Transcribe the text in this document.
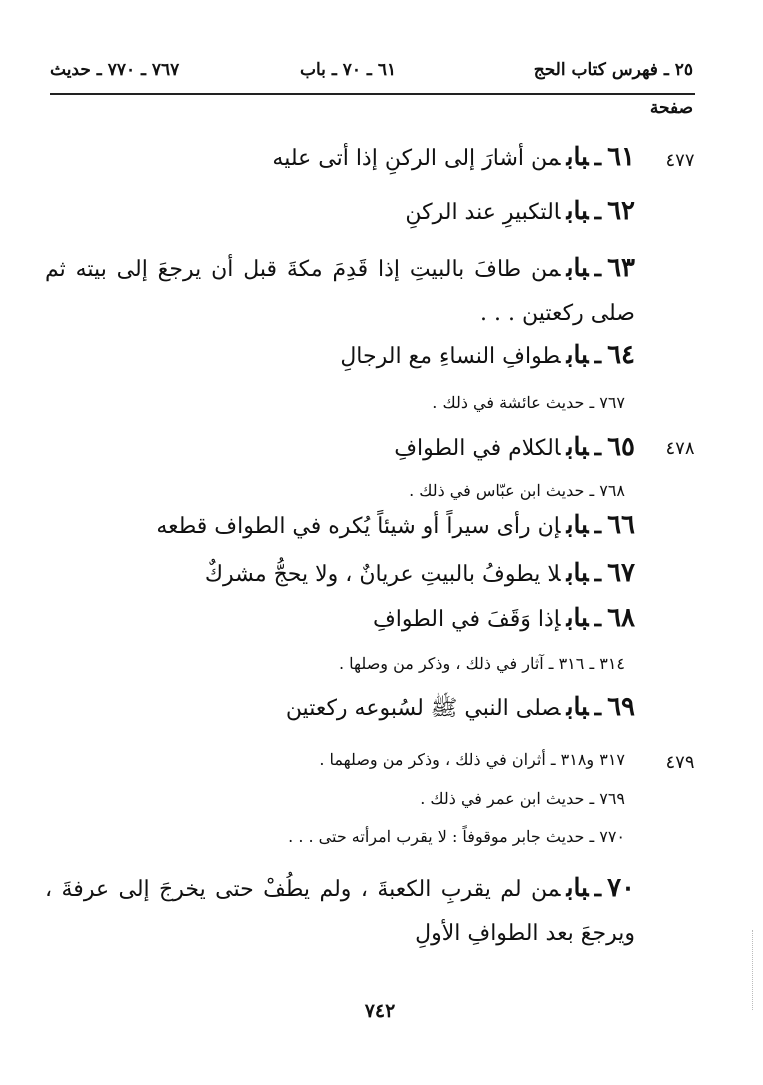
٢٥ ـ فهرس كتاب الحج
٦١ ـ ٧٠ ـ باب
٧٦٧ ـ ٧٧٠ ـ حديث
صفحة
٤٧٧
٤٧٨
٤٧٩
٦١ـبابمن أشارَ إلى الركنِ إذا أتى عليه
٦٢ـبابالتكبيرِ عند الركنِ
٦٣ـبابمن طافَ بالبيتِ إذا قَدِمَ مكةَ قبل أن يرجعَ إلى بيته ثم صلى ركعتين . . .
٦٤ـبابطوافِ النساءِ مع الرجالِ
٧٦٧ ـ حديث عائشة في ذلك .
٦٥ـبابالكلام في الطوافِ
٧٦٨ ـ حديث ابن عبّاس في ذلك .
٦٦ـبابإن رأى سيراً أو شيئاً يُكره في الطواف قطعه
٦٧ـبابلا يطوفُ بالبيتِ عريانٌ ، ولا يحجُّ مشركٌ
٦٨ـبابإذا وَقَفَ في الطوافِ
٣١٤ ـ ٣١٦ ـ آثار في ذلك ، وذكر من وصلها .
٦٩ـبابصلى النبي ﷺ لسُبوعه ركعتين
٣١٧ و٣١٨ ـ أثران في ذلك ، وذكر من وصلهما .
٧٦٩ ـ حديث ابن عمر في ذلك .
٧٧٠ ـ حديث جابر موقوفاً : لا يقرب امرأته حتى . . .
٧٠ـبابمن لم يقربِ الكعبةَ ، ولم يطُفْ حتى يخرجَ إلى عرفةَ ، ويرجعَ بعد الطوافِ الأولِ
٧٤٢
